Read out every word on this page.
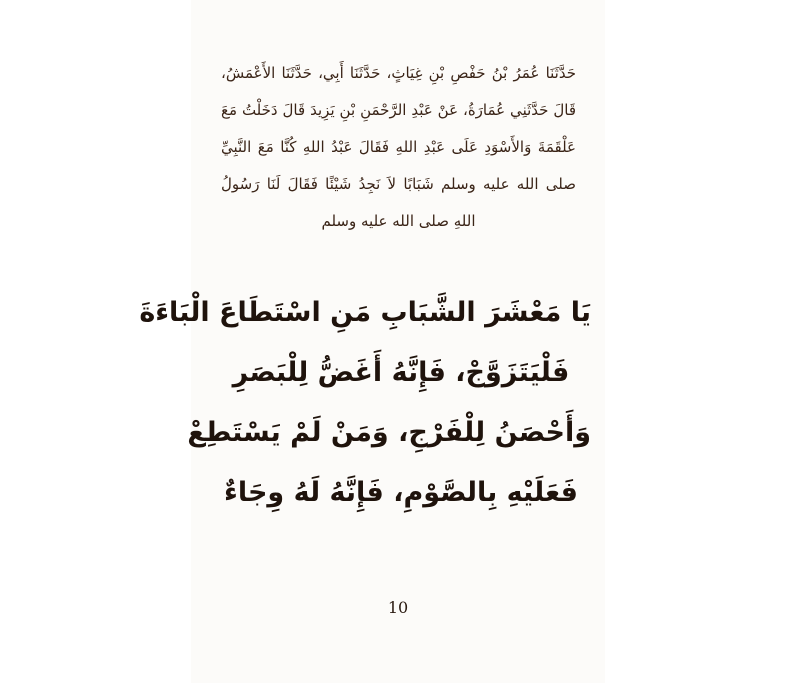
حَدَّثَنَا عُمَرُ بْنُ حَفْصِ بْنِ غِيَاثٍ، حَدَّثَنَا أَبِي، حَدَّثَنَا الأَعْمَشُ، قَالَ حَدَّثَنِي عُمَارَةُ، عَنْ عَبْدِ الرَّحْمَنِ بْنِ يَزِيدَ قَالَ دَخَلْتُ مَعَ عَلْقَمَةَ وَالأَسْوَدِ عَلَى عَبْدِ اللهِ فَقَالَ عَبْدُ اللهِ كُنَّا مَعَ النَّبِيِّ صلى الله عليه وسلم شَبَابًا لاَ نَجِدُ شَيْئًا فَقَالَ لَنَا رَسُولُ اللهِ صلى الله عليه وسلم

يَا مَعْشَرَ الشَّبَابِ مَنِ اسْتَطَاعَ الْبَاءَةَ
فَلْيَتَزَوَّجْ، فَإِنَّهُ أَغَضُّ لِلْبَصَرِ
وَأَحْصَنُ لِلْفَرْجِ، وَمَنْ لَمْ يَسْتَطِعْ
فَعَلَيْهِ بِالصَّوْمِ، فَإِنَّهُ لَهُ وِجَاءٌ
10
